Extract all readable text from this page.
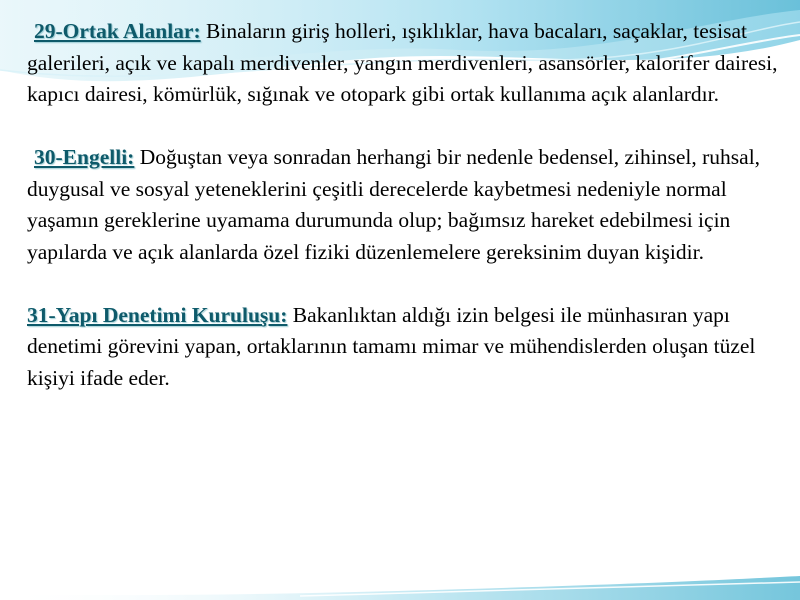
29-Ortak Alanlar: Binaların giriş holleri, ışıklıklar, hava bacaları, saçaklar, tesisat galerileri, açık ve kapalı merdivenler, yangın merdivenleri, asansörler, kalorifer dairesi, kapıcı dairesi, kömürlük, sığınak ve otopark gibi ortak kullanıma açık alanlardır.

30-Engelli: Doğuştan veya sonradan herhangi bir nedenle bedensel, zihinsel, ruhsal, duygusal ve sosyal yeteneklerini çeşitli derecelerde kaybetmesi nedeniyle normal yaşamın gereklerine uyamama durumunda olup; bağımsız hareket edebilmesi için yapılarda ve açık alanlarda özel fiziki düzenlemelere gereksinim duyan kişidir.

31-Yapı Denetimi Kuruluşu: Bakanlıktan aldığı izin belgesi ile münhasıran yapı denetimi görevini yapan, ortaklarının tamamı mimar ve mühendislerden oluşan tüzel kişiyi ifade eder.
